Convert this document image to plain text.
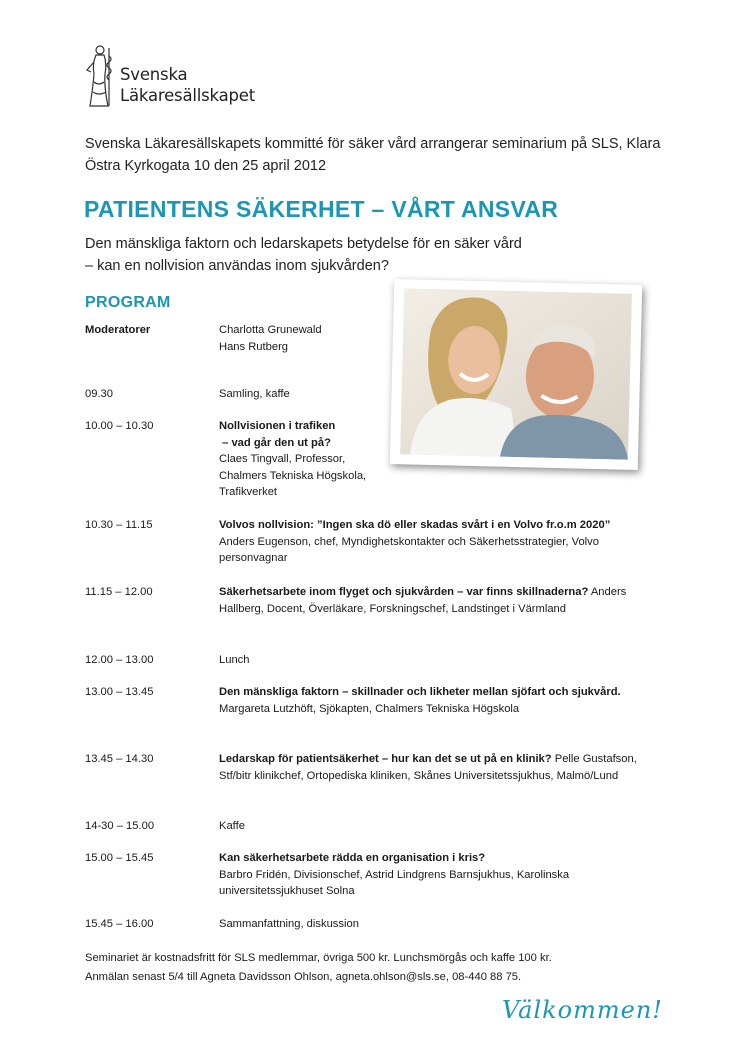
Svenska
Läkaresällskapet
Svenska Läkaresällskapets kommitté för säker vård arrangerar seminarium på SLS, Klara Östra Kyrkogata 10 den 25 april 2012
PATIENTENS SÄKERHET – VÅRT ANSVAR
Den mänskliga faktorn och ledarskapets betydelse för en säker vård
– kan en nollvision användas inom sjukvården?
PROGRAM
Moderatorer	Charlotta Grunewald
Hans Rutberg
09.30	Samling, kaffe
10.00 – 10.30	Nollvisionen i trafiken
– vad går den ut på?
Claes Tingvall, Professor,
Chalmers Tekniska Högskola,
Trafikverket
10.30 – 11.15	Volvos nollvision: ”Ingen ska dö eller skadas svårt i en Volvo fr.o.m 2020” Anders Eugenson, chef, Myndighetskontakter och Säkerhetsstrategier, Volvo personvagnar
11.15 – 12.00	Säkerhetsarbete inom flyget och sjukvården – var finns skillnaderna? Anders Hallberg, Docent, Överläkare, Forskningschef, Landstinget i Värmland
12.00 – 13.00	Lunch
13.00 – 13.45	Den mänskliga faktorn – skillnader och likheter mellan sjöfart och sjukvård. Margareta Lutzhöft, Sjökapten, Chalmers Tekniska Högskola
13.45 – 14.30	Ledarskap för patientsäkerhet – hur kan det se ut på en klinik? Pelle Gustafson, Stf/bitr klinikchef, Ortopediska kliniken, Skånes Universitetssjukhus, Malmö/Lund
14-30 – 15.00	Kaffe
15.00 – 15.45	Kan säkerhetsarbete rädda en organisation i kris?
Barbro Fridén, Divisionschef, Astrid Lindgrens Barnsjukhus, Karolinska universitetssjukhuset Solna
15.45 – 16.00	Sammanfattning, diskussion
Seminariet är kostnadsfritt för SLS medlemmar, övriga 500 kr. Lunchsmörgås och kaffe 100 kr.
Anmälan senast 5/4 till Agneta Davidsson Ohlson, agneta.ohlson@sls.se, 08-440 88 75.
Välkommen!
